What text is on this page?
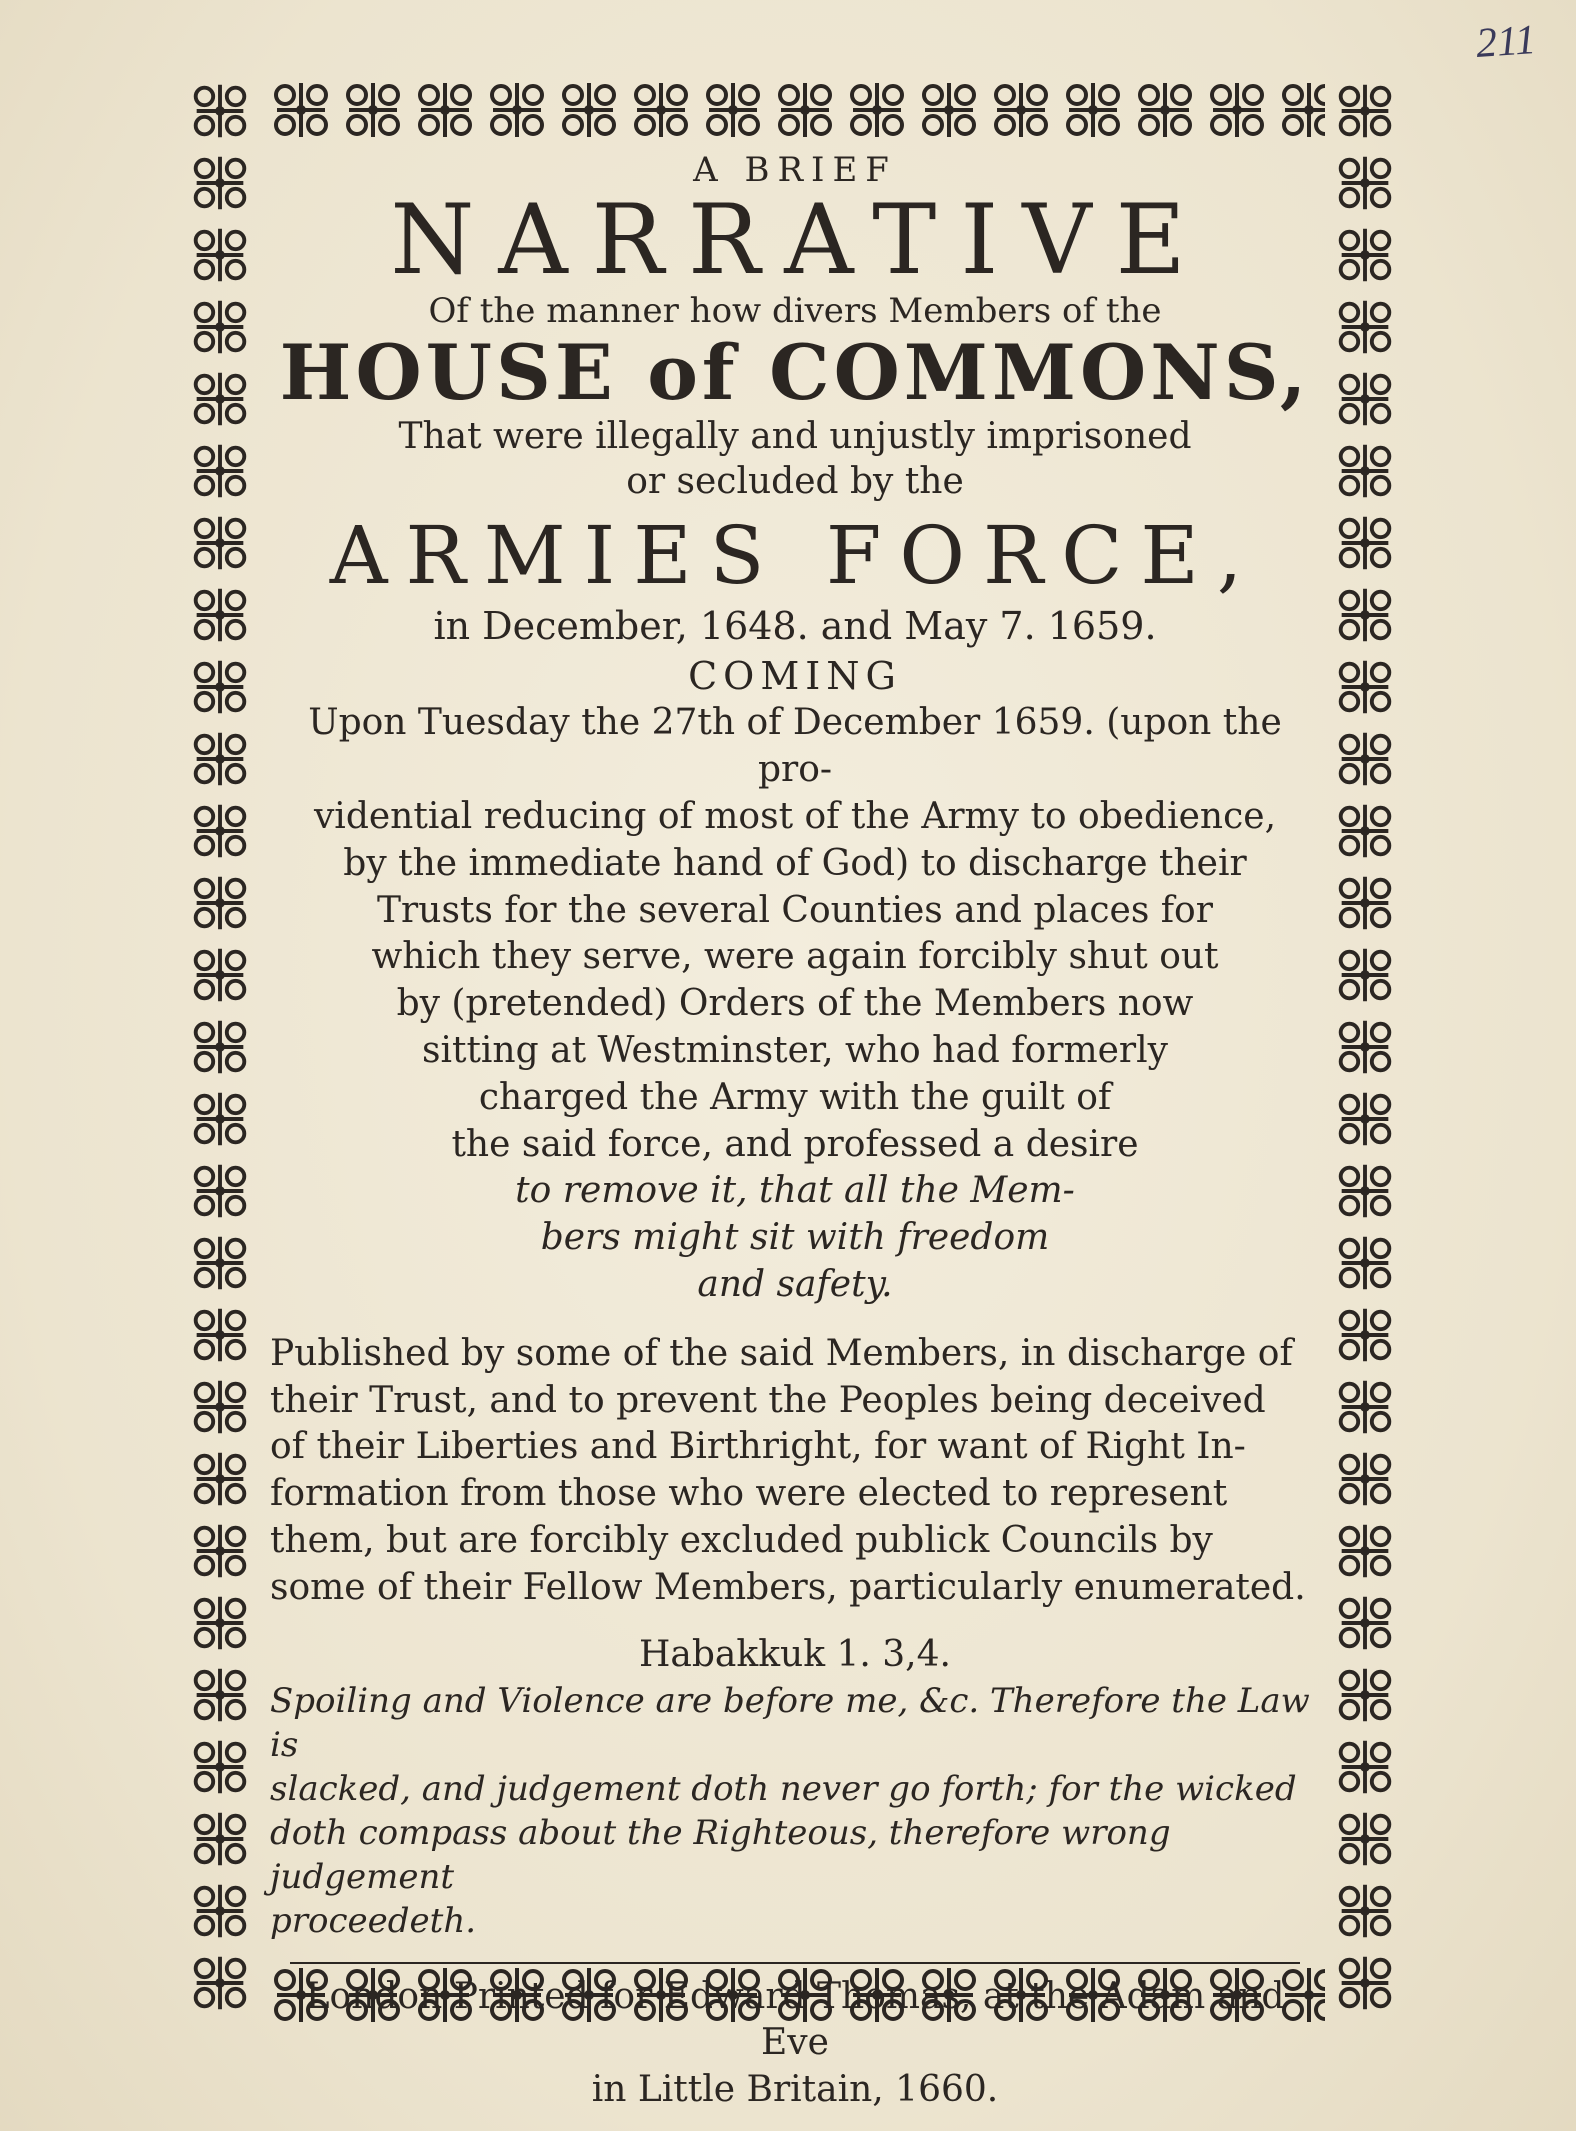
211

A BRIEF

NARRATIVE

Of the manner how divers Members of the

HOUSE of COMMONS,

That were illegally and unjustly imprisoned

or secluded by the

ARMIES FORCE,

in December, 1648. and May 7. 1659.

COMING

Upon Tuesday the 27th of December 1659. (upon the pro-
vidential reducing of most of the Army to obedience,
by the immediate hand of God) to discharge their
Trusts for the several Counties and places for
which they serve, were again forcibly shut out
by (pretended) Orders of the Members now
sitting at Westminster, who had formerly
charged the Army with the guilt of
the said force, and professed a desire
to remove it, that all the Mem-
bers might sit with freedom
and safety.
Published by some of the said Members, in discharge of
their Trust, and to prevent the Peoples being deceived
of their Liberties and Birthright, for want of Right In-
formation from those who were elected to represent
them, but are forcibly excluded publick Councils by
some of their Fellow Members, particularly enumerated.

Habakkuk 1. 3,4.

Spoiling and Violence are before me, &c. Therefore the Law is
slacked, and judgement doth never go forth; for the wicked
doth compass about the Righteous, therefore wrong judgement
proceedeth.
London Printed for Edward Thomas, at the Adam and Eve
in Little Britain, 1660.
